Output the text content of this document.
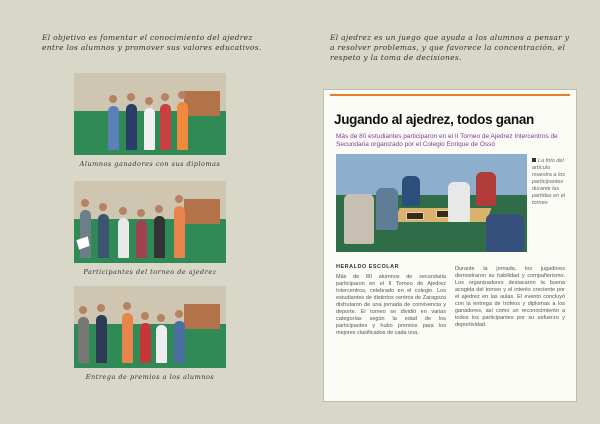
El objetivo es fomentar el conocimiento del ajedrez entre los alumnos y promover sus valores educativos.
El ajedrez es un juego que ayuda a los alumnos a pensar y a resolver problemas, y que favorece la concentración, el respeto y la toma de decisiones.
Alumnos ganadores con sus diplomas
Participantes del torneo de ajedrez
Entrega de premios a los alumnos
Jugando al ajedrez, todos ganan
Más de 80 estudiantes participaron en el II Torneo de Ajedrez Intercentros de Secundaria organizado por el Colegio Enrique de Ossó
La foto del artículo muestra a los participantes durante las partidas en el torneo
HERALDO ESCOLAR
Más de 80 alumnos de secundaria participaron en el II Torneo de Ajedrez Intercentros, celebrado en el colegio. Los estudiantes de distintos centros de Zaragoza disfrutaron de una jornada de convivencia y deporte. El torneo se dividió en varias categorías según la edad de los participantes y hubo premios para los mejores clasificados de cada una.
Durante la jornada, los jugadores demostraron su habilidad y compañerismo. Los organizadores destacaron la buena acogida del torneo y el interés creciente por el ajedrez en las aulas. El evento concluyó con la entrega de trofeos y diplomas a los ganadores, así como un reconocimiento a todos los participantes por su esfuerzo y deportividad.
